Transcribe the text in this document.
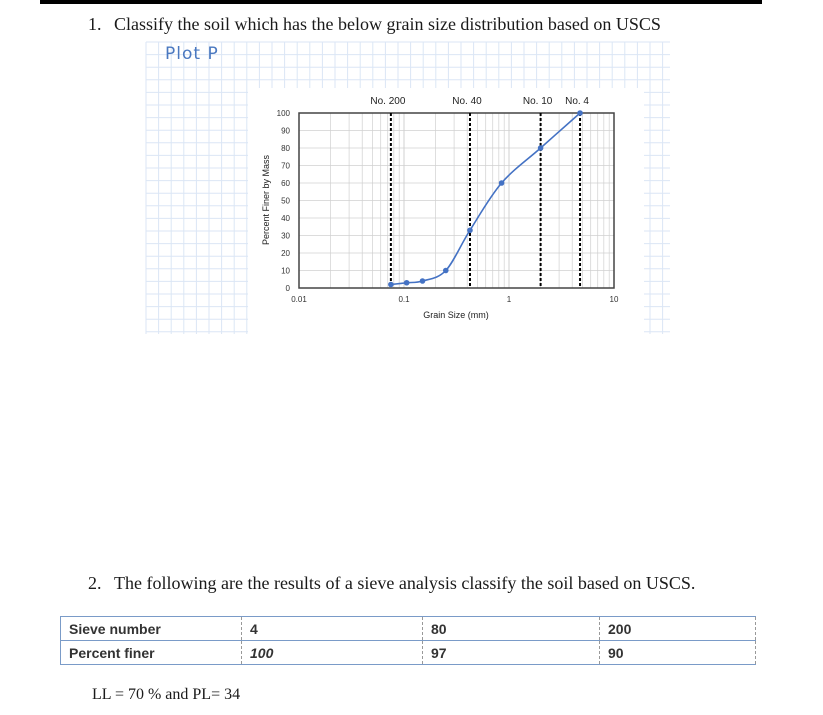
1. Classify the soil which has the below grain size distribution based on USCS
No. 200	No. 40	No. 10 No. 4
0
10
20
30
40
50
60
70
80
90
100
0.01	0.1	1	10
Grain Size (mm)
Percent Finer by Mass
Plot P
2. The following are the results of a sieve analysis classify the soil based on USCS.
Sieve number	4	80	200
Percent finer	100	97	90
LL = 70 % and PL= 34
